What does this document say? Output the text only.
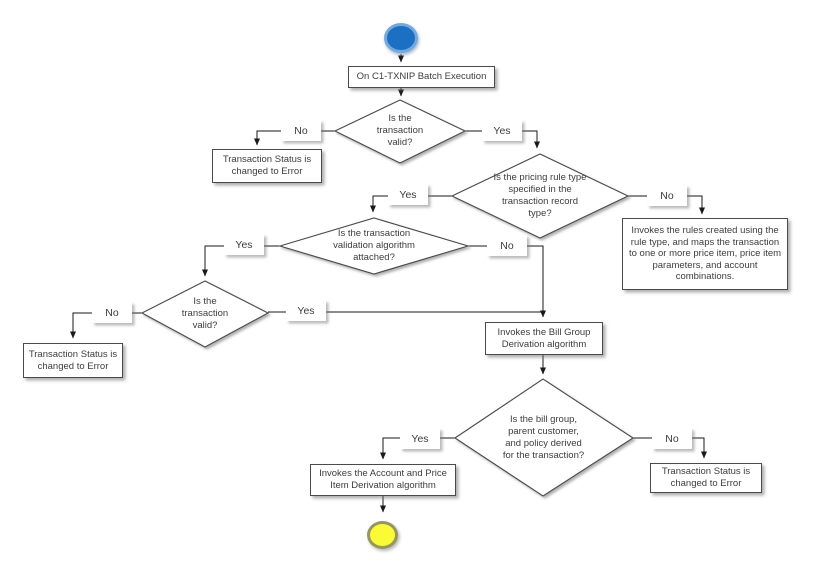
On C1-TXNIP Batch Execution
Transaction Status is changed to Error
Invokes the rules created using the rule type, and maps the transaction to one or more price item, price item parameters, and account combinations.
Transaction Status is changed to Error
Invokes the Bill Group Derivation algorithm
Invokes the Account and Price Item Derivation algorithm
Transaction Status is changed to Error
Is the transaction valid?
Is the pricing rule type specified in the transaction record type?
Is the transaction validation algorithm attached?
Is the transaction valid?
Is the bill group, parent customer, and policy derived for the transaction?
No	Yes
Yes	No
Yes	No
No	Yes
Yes	No
